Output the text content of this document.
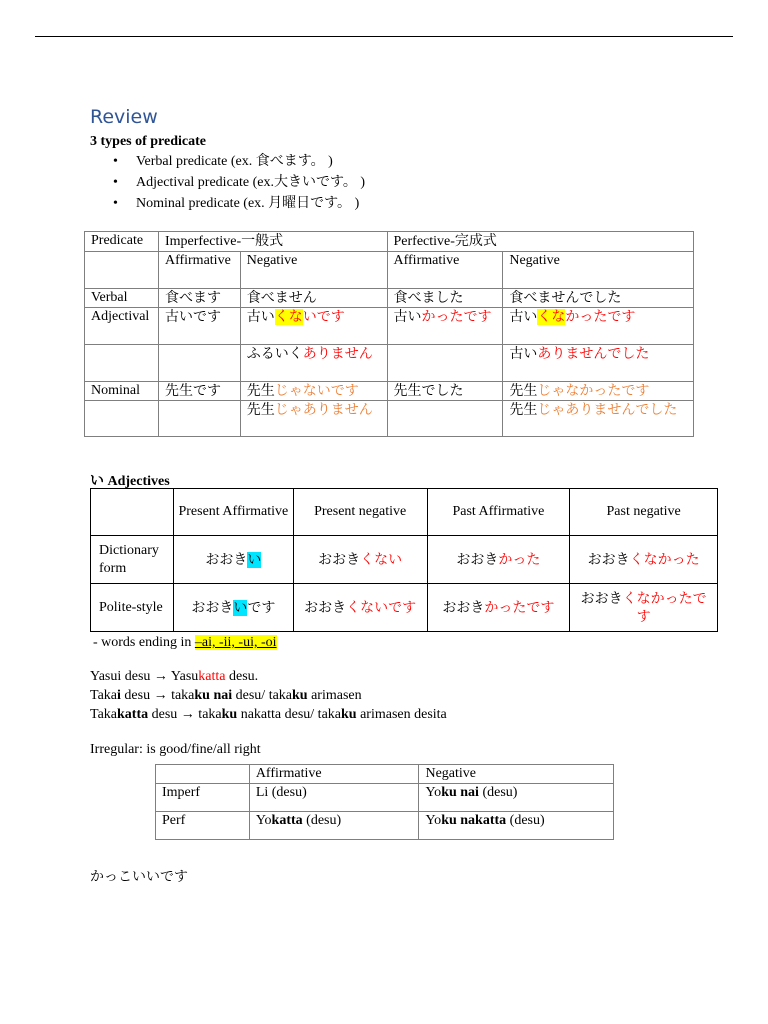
Review
3 types of predicate
• Verbal predicate (ex. 食べます。 )
• Adjectival predicate (ex.大きいです。 )
• Nominal predicate (ex. 月曜日です。 )
Predicate	Imperfective-一般式		Perfective-完成式	
	Affirmative	Negative	Affirmative	Negative
Verbal	食べます	食べません	食べました	食べませんでした
Adjectival	古いです	古いくないです	古いかったです	古いくなかったです
		ふるいくありません		古いありませんでした
Nominal	先生です	先生じゃないです	先生でした	先生じゃなかったです
		先生じゃありません		先生じゃありませんでした
い Adjectives
	Present Affirmative	Present negative	Past Affirmative	Past negative
Dictionary form	おおきい	おおきくない	おおきかった	おおきくなかった
Polite-style	おおきいです	おおきくないです	おおきかったです	おおきくなかったです
- words ending in –ai, -ii, -ui, -oi
Yasui desu → Yasukatta desu.
Takai desu → takaku nai desu/ takaku arimasen
Takakatta desu → takaku nakatta desu/ takaku arimasen desita
Irregular: is good/fine/all right
	Affirmative	Negative
Imperf	Li (desu)	Yoku nai (desu)
Perf	Yokatta (desu)	Yoku nakatta (desu)
かっこいいです
